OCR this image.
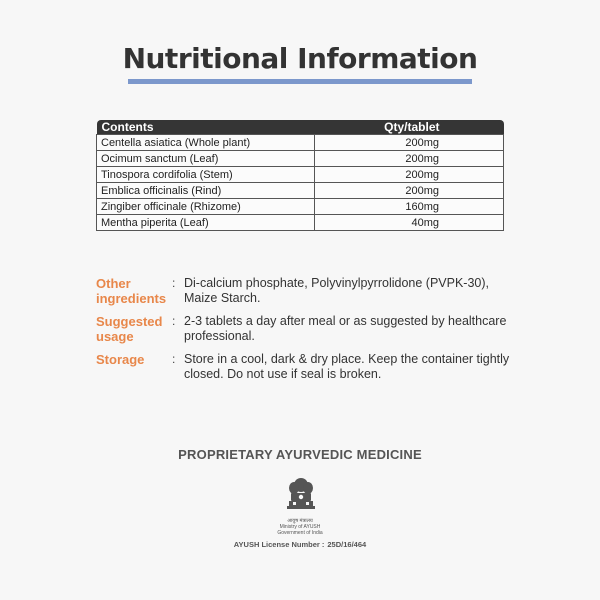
Nutritional Information
Contents	Qty/tablet
Centella asiatica (Whole plant)	200mg
Ocimum sanctum (Leaf)	200mg
Tinospora cordifolia (Stem)	200mg
Emblica officinalis (Rind)	200mg
Zingiber officinale (Rhizome)	160mg
Mentha piperita (Leaf)	40mg
Other
ingredients
: Di-calcium phosphate, Polyvinylpyrrolidone (PVPK-30), Maize Starch.
Suggested
usage
: 2-3 tablets a day after meal or as suggested by healthcare professional.
Storage	: Store in a cool, dark & dry place. Keep the container tightly closed. Do not use if seal is broken.
PROPRIETARY AYURVEDIC MEDICINE
आयुष मंत्रालय
Ministry of AYUSH
Government of India
AYUSH License Number : 25D/16/464
